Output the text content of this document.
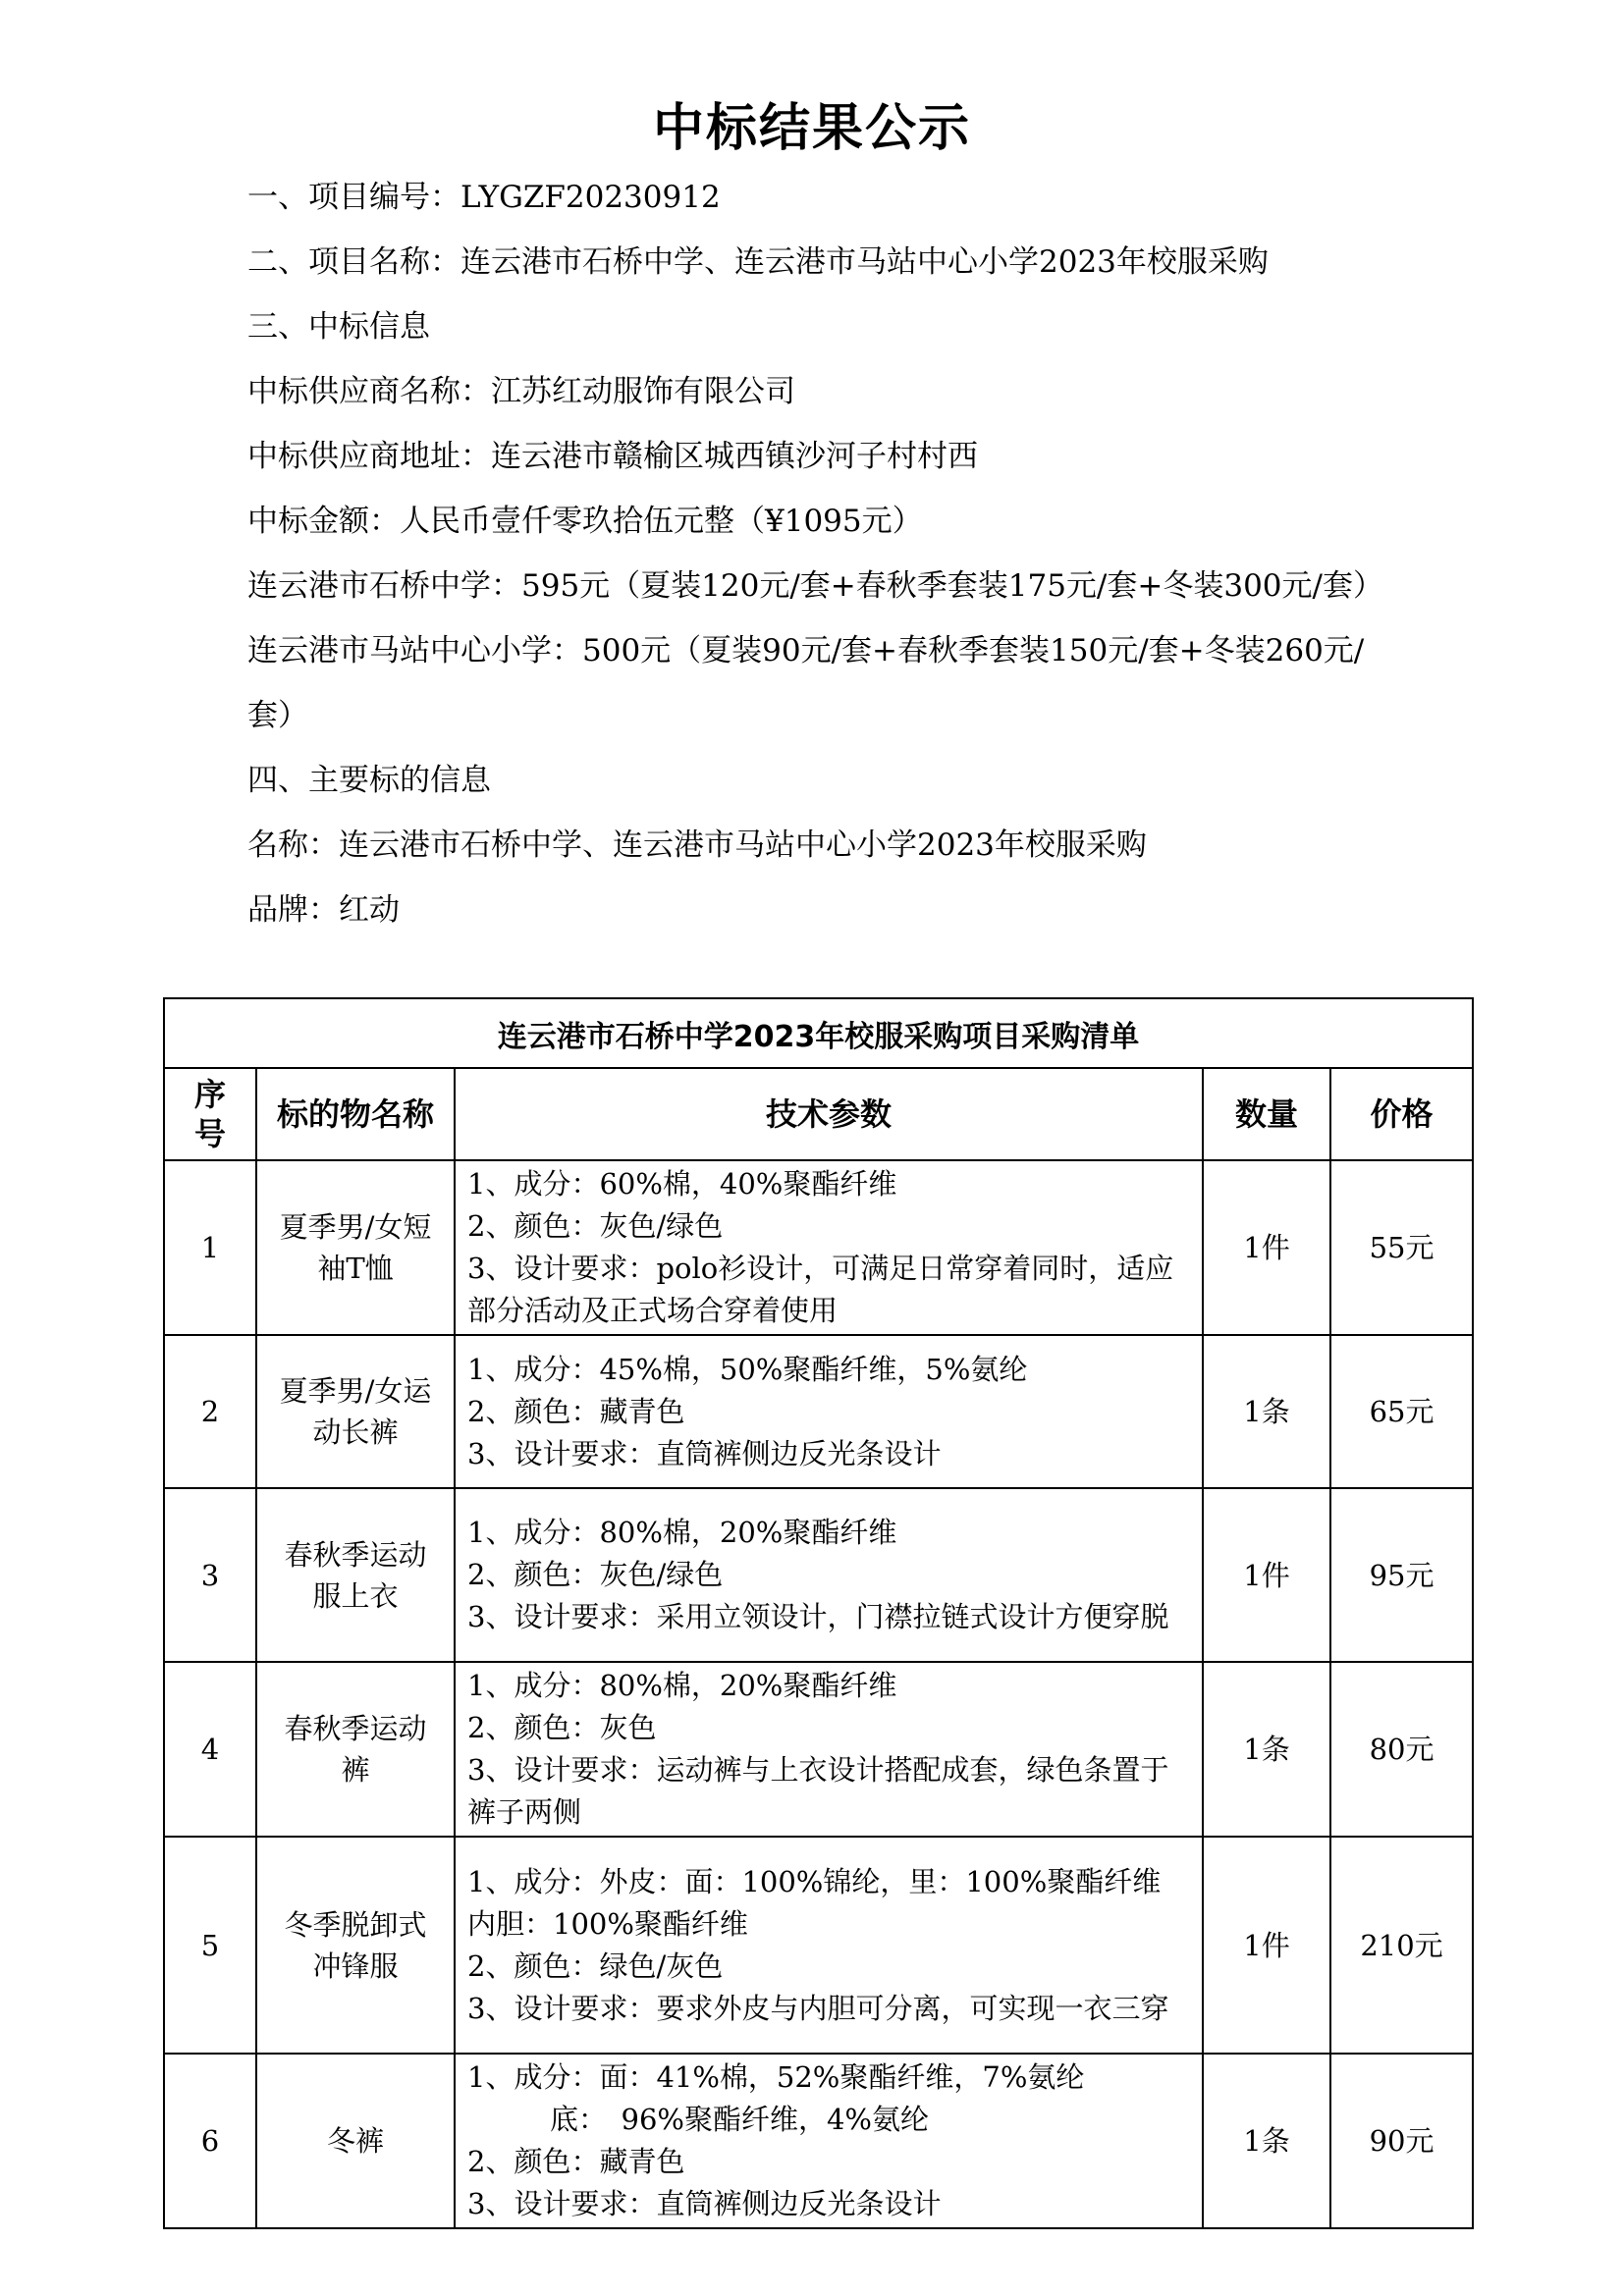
中标结果公示

一、项目编号：LYGZF20230912

二、项目名称：连云港市石桥中学、连云港市马站中心小学2023年校服采购

三、中标信息

中标供应商名称：江苏红动服饰有限公司

中标供应商地址：连云港市赣榆区城西镇沙河子村村西

中标金额：人民币壹仟零玖拾伍元整（¥1095元）

连云港市石桥中学：595元（夏装120元/套+春秋季套装175元/套+冬装300元/套）

连云港市马站中心小学：500元（夏装90元/套+春秋季套装150元/套+冬装260元/套）

四、主要标的信息

名称：连云港市石桥中学、连云港市马站中心小学2023年校服采购

品牌：红动

连云港市石桥中学2023年校服采购项目采购清单				
序号	标的物名称	技术参数	数量	价格
1	夏季男/女短袖T恤	1、成分：60%棉，40%聚酯纤维
2、颜色：灰色/绿色
3、设计要求：polo衫设计，可满足日常穿着同时，适应部分活动及正式场合穿着使用	1件	55元
2	夏季男/女运动长裤	1、成分：45%棉，50%聚酯纤维，5%氨纶
2、颜色：藏青色
3、设计要求：直筒裤侧边反光条设计	1条	65元
3	春秋季运动服上衣	1、成分：80%棉，20%聚酯纤维
2、颜色：灰色/绿色
3、设计要求：采用立领设计，门襟拉链式设计方便穿脱	1件	95元
4	春秋季运动裤	1、成分：80%棉，20%聚酯纤维
2、颜色：灰色
3、设计要求：运动裤与上衣设计搭配成套，绿色条置于裤子两侧	1条	80元
5	冬季脱卸式冲锋服	1、成分：外皮：面：100%锦纶，里：100%聚酯纤维
内胆：100%聚酯纤维
2、颜色：绿色/灰色
3、设计要求：要求外皮与内胆可分离，可实现一衣三穿	1件	210元
6	冬裤	1、成分：面：41%棉，52%聚酯纤维，7%氨纶
底：　96%聚酯纤维，4%氨纶
2、颜色：藏青色
3、设计要求：直筒裤侧边反光条设计	1条	90元
